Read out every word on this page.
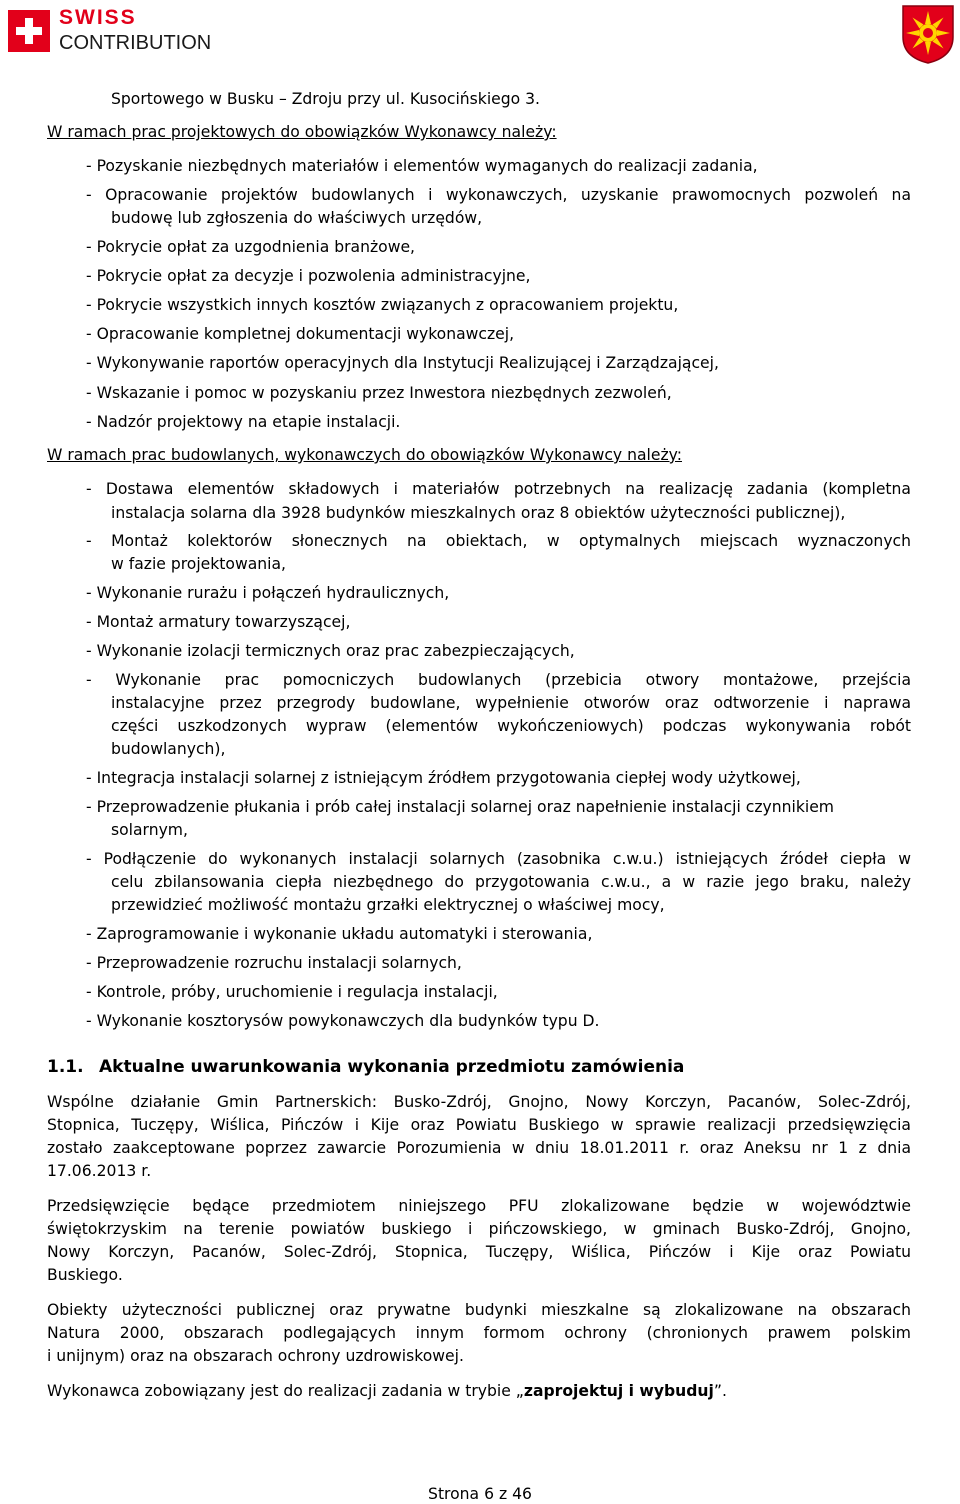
SWISS
CONTRIBUTION
Sportowego w Busku – Zdroju przy ul. Kusocińskiego 3.
W ramach prac projektowych do obowiązków Wykonawcy należy:
- Pozyskanie niezbędnych materiałów i elementów wymaganych do realizacji zadania,
- Opracowanie projektów budowlanych i wykonawczych, uzyskanie prawomocnych pozwoleń na
budowę lub zgłoszenia do właściwych urzędów,
- Pokrycie opłat za uzgodnienia branżowe,
- Pokrycie opłat za decyzje i pozwolenia administracyjne,
- Pokrycie wszystkich innych kosztów związanych z opracowaniem projektu,
- Opracowanie kompletnej dokumentacji wykonawczej,
- Wykonywanie raportów operacyjnych dla Instytucji Realizującej i Zarządzającej,
- Wskazanie i pomoc w pozyskaniu przez Inwestora niezbędnych zezwoleń,
- Nadzór projektowy na etapie instalacji.
W ramach prac budowlanych, wykonawczych do obowiązków Wykonawcy należy:
- Dostawa elementów składowych i materiałów potrzebnych na realizację zadania (kompletna
instalacja solarna dla 3928 budynków mieszkalnych oraz 8 obiektów użyteczności publicznej),
- Montaż kolektorów słonecznych na obiektach, w optymalnych miejscach wyznaczonych
w fazie projektowania,
- Wykonanie rurażu i połączeń hydraulicznych,
- Montaż armatury towarzyszącej,
- Wykonanie izolacji termicznych oraz prac zabezpieczających,
- Wykonanie prac pomocniczych budowlanych (przebicia otwory montażowe, przejścia
instalacyjne przez przegrody budowlane, wypełnienie otworów oraz odtworzenie i naprawa
części uszkodzonych wypraw (elementów wykończeniowych) podczas wykonywania robót
budowlanych),
- Integracja instalacji solarnej z istniejącym źródłem przygotowania ciepłej wody użytkowej,
- Przeprowadzenie płukania i prób całej instalacji solarnej oraz napełnienie instalacji czynnikiem
solarnym,
- Podłączenie do wykonanych instalacji solarnych (zasobnika c.w.u.) istniejących źródeł ciepła w
celu zbilansowania ciepła niezbędnego do przygotowania c.w.u., a w razie jego braku, należy
przewidzieć możliwość montażu grzałki elektrycznej o właściwej mocy,
- Zaprogramowanie i wykonanie układu automatyki i sterowania,
- Przeprowadzenie rozruchu instalacji solarnych,
- Kontrole, próby, uruchomienie i regulacja instalacji,
- Wykonanie kosztorysów powykonawczych dla budynków typu D.
1.1. Aktualne uwarunkowania wykonania przedmiotu zamówienia
Wspólne działanie Gmin Partnerskich: Busko-Zdrój, Gnojno, Nowy Korczyn, Pacanów, Solec-Zdrój,
Stopnica, Tuczępy, Wiślica, Pińczów i Kije oraz Powiatu Buskiego w sprawie realizacji przedsięwzięcia
zostało zaakceptowane poprzez zawarcie Porozumienia w dniu 18.01.2011 r. oraz Aneksu nr 1 z dnia
17.06.2013 r.
Przedsięwzięcie będące przedmiotem niniejszego PFU zlokalizowane będzie w województwie
świętokrzyskim na terenie powiatów buskiego i pińczowskiego, w gminach Busko-Zdrój, Gnojno,
Nowy Korczyn, Pacanów, Solec-Zdrój, Stopnica, Tuczępy, Wiślica, Pińczów i Kije oraz Powiatu
Buskiego.
Obiekty użyteczności publicznej oraz prywatne budynki mieszkalne są zlokalizowane na obszarach
Natura 2000, obszarach podlegających innym formom ochrony (chronionych prawem polskim
i unijnym) oraz na obszarach ochrony uzdrowiskowej.
Wykonawca zobowiązany jest do realizacji zadania w trybie „zaprojektuj i wybuduj”.
Strona 6 z 46
